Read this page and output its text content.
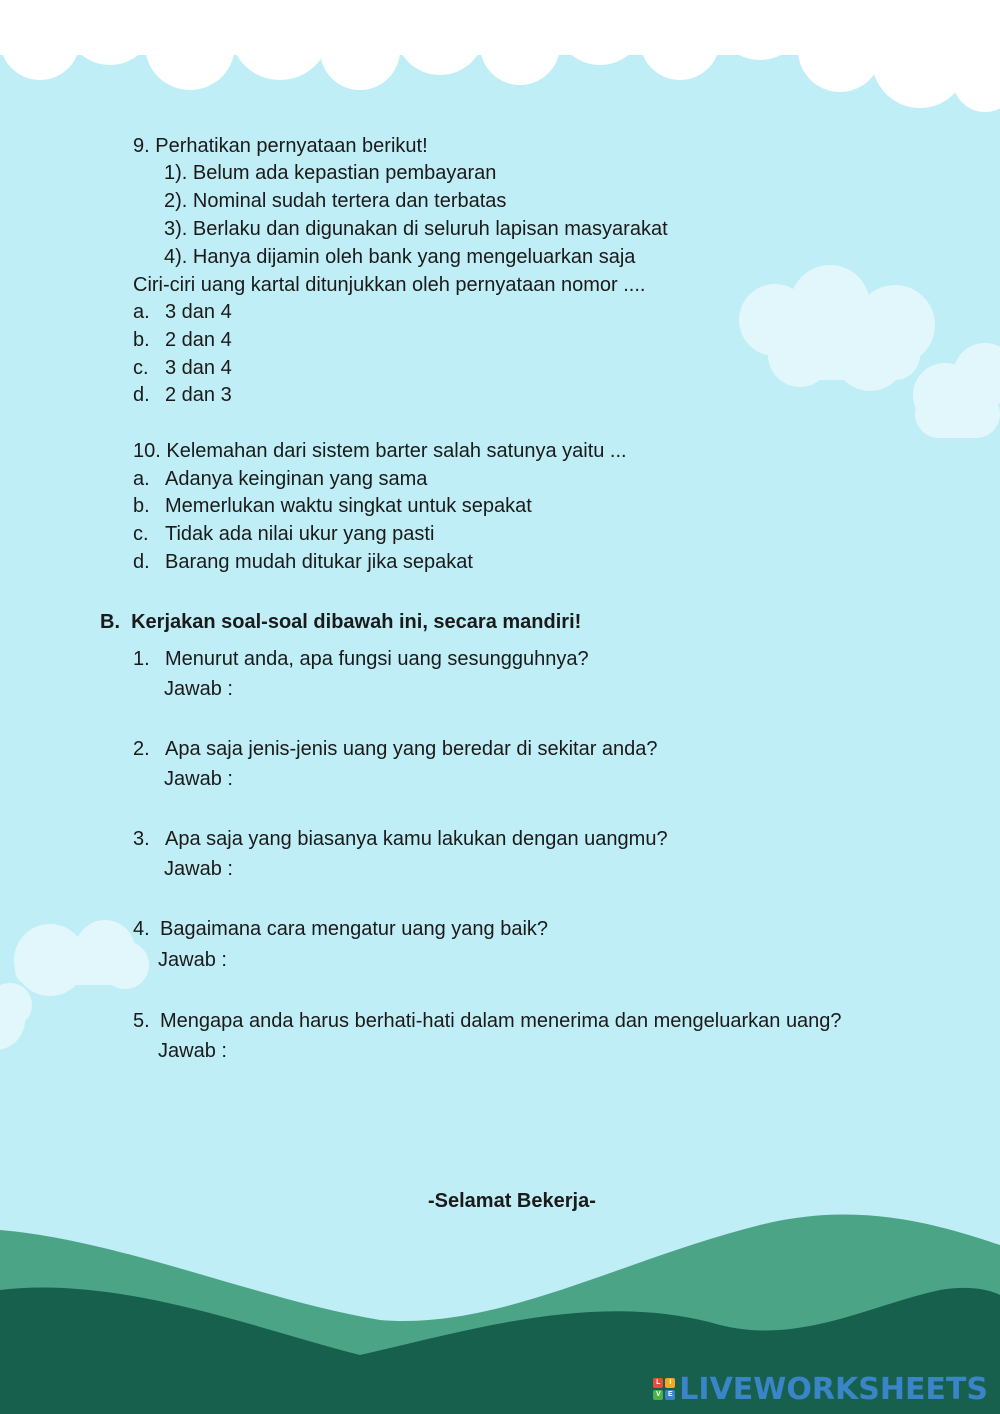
9. Perhatikan pernyataan berikut!
1). Belum ada kepastian pembayaran
2). Nominal sudah tertera dan terbatas
3). Berlaku dan digunakan di seluruh lapisan masyarakat
4). Hanya dijamin oleh bank yang mengeluarkan saja
Ciri-ciri uang kartal ditunjukkan oleh pernyataan nomor ....
a. 3 dan 4
b. 2 dan 4
c. 3 dan 4
d. 2 dan 3
10. Kelemahan dari sistem barter salah satunya yaitu ...
a. Adanya keinginan yang sama
b. Memerlukan waktu singkat untuk sepakat
c. Tidak ada nilai ukur yang pasti
d. Barang mudah ditukar jika sepakat
B.  Kerjakan soal-soal dibawah ini, secara mandiri!
1. Menurut anda, apa fungsi uang sesungguhnya?
Jawab :
2. Apa saja jenis-jenis uang yang beredar di sekitar anda?
Jawab :
3. Apa saja yang biasanya kamu lakukan dengan uangmu?
Jawab :
4. Bagaimana cara mengatur uang yang baik?
Jawab :
5. Mengapa anda harus berhati-hati dalam menerima dan mengeluarkan uang?
Jawab :
-Selamat Bekerja-
L	I
V	E LIVEWORKSHEETS
